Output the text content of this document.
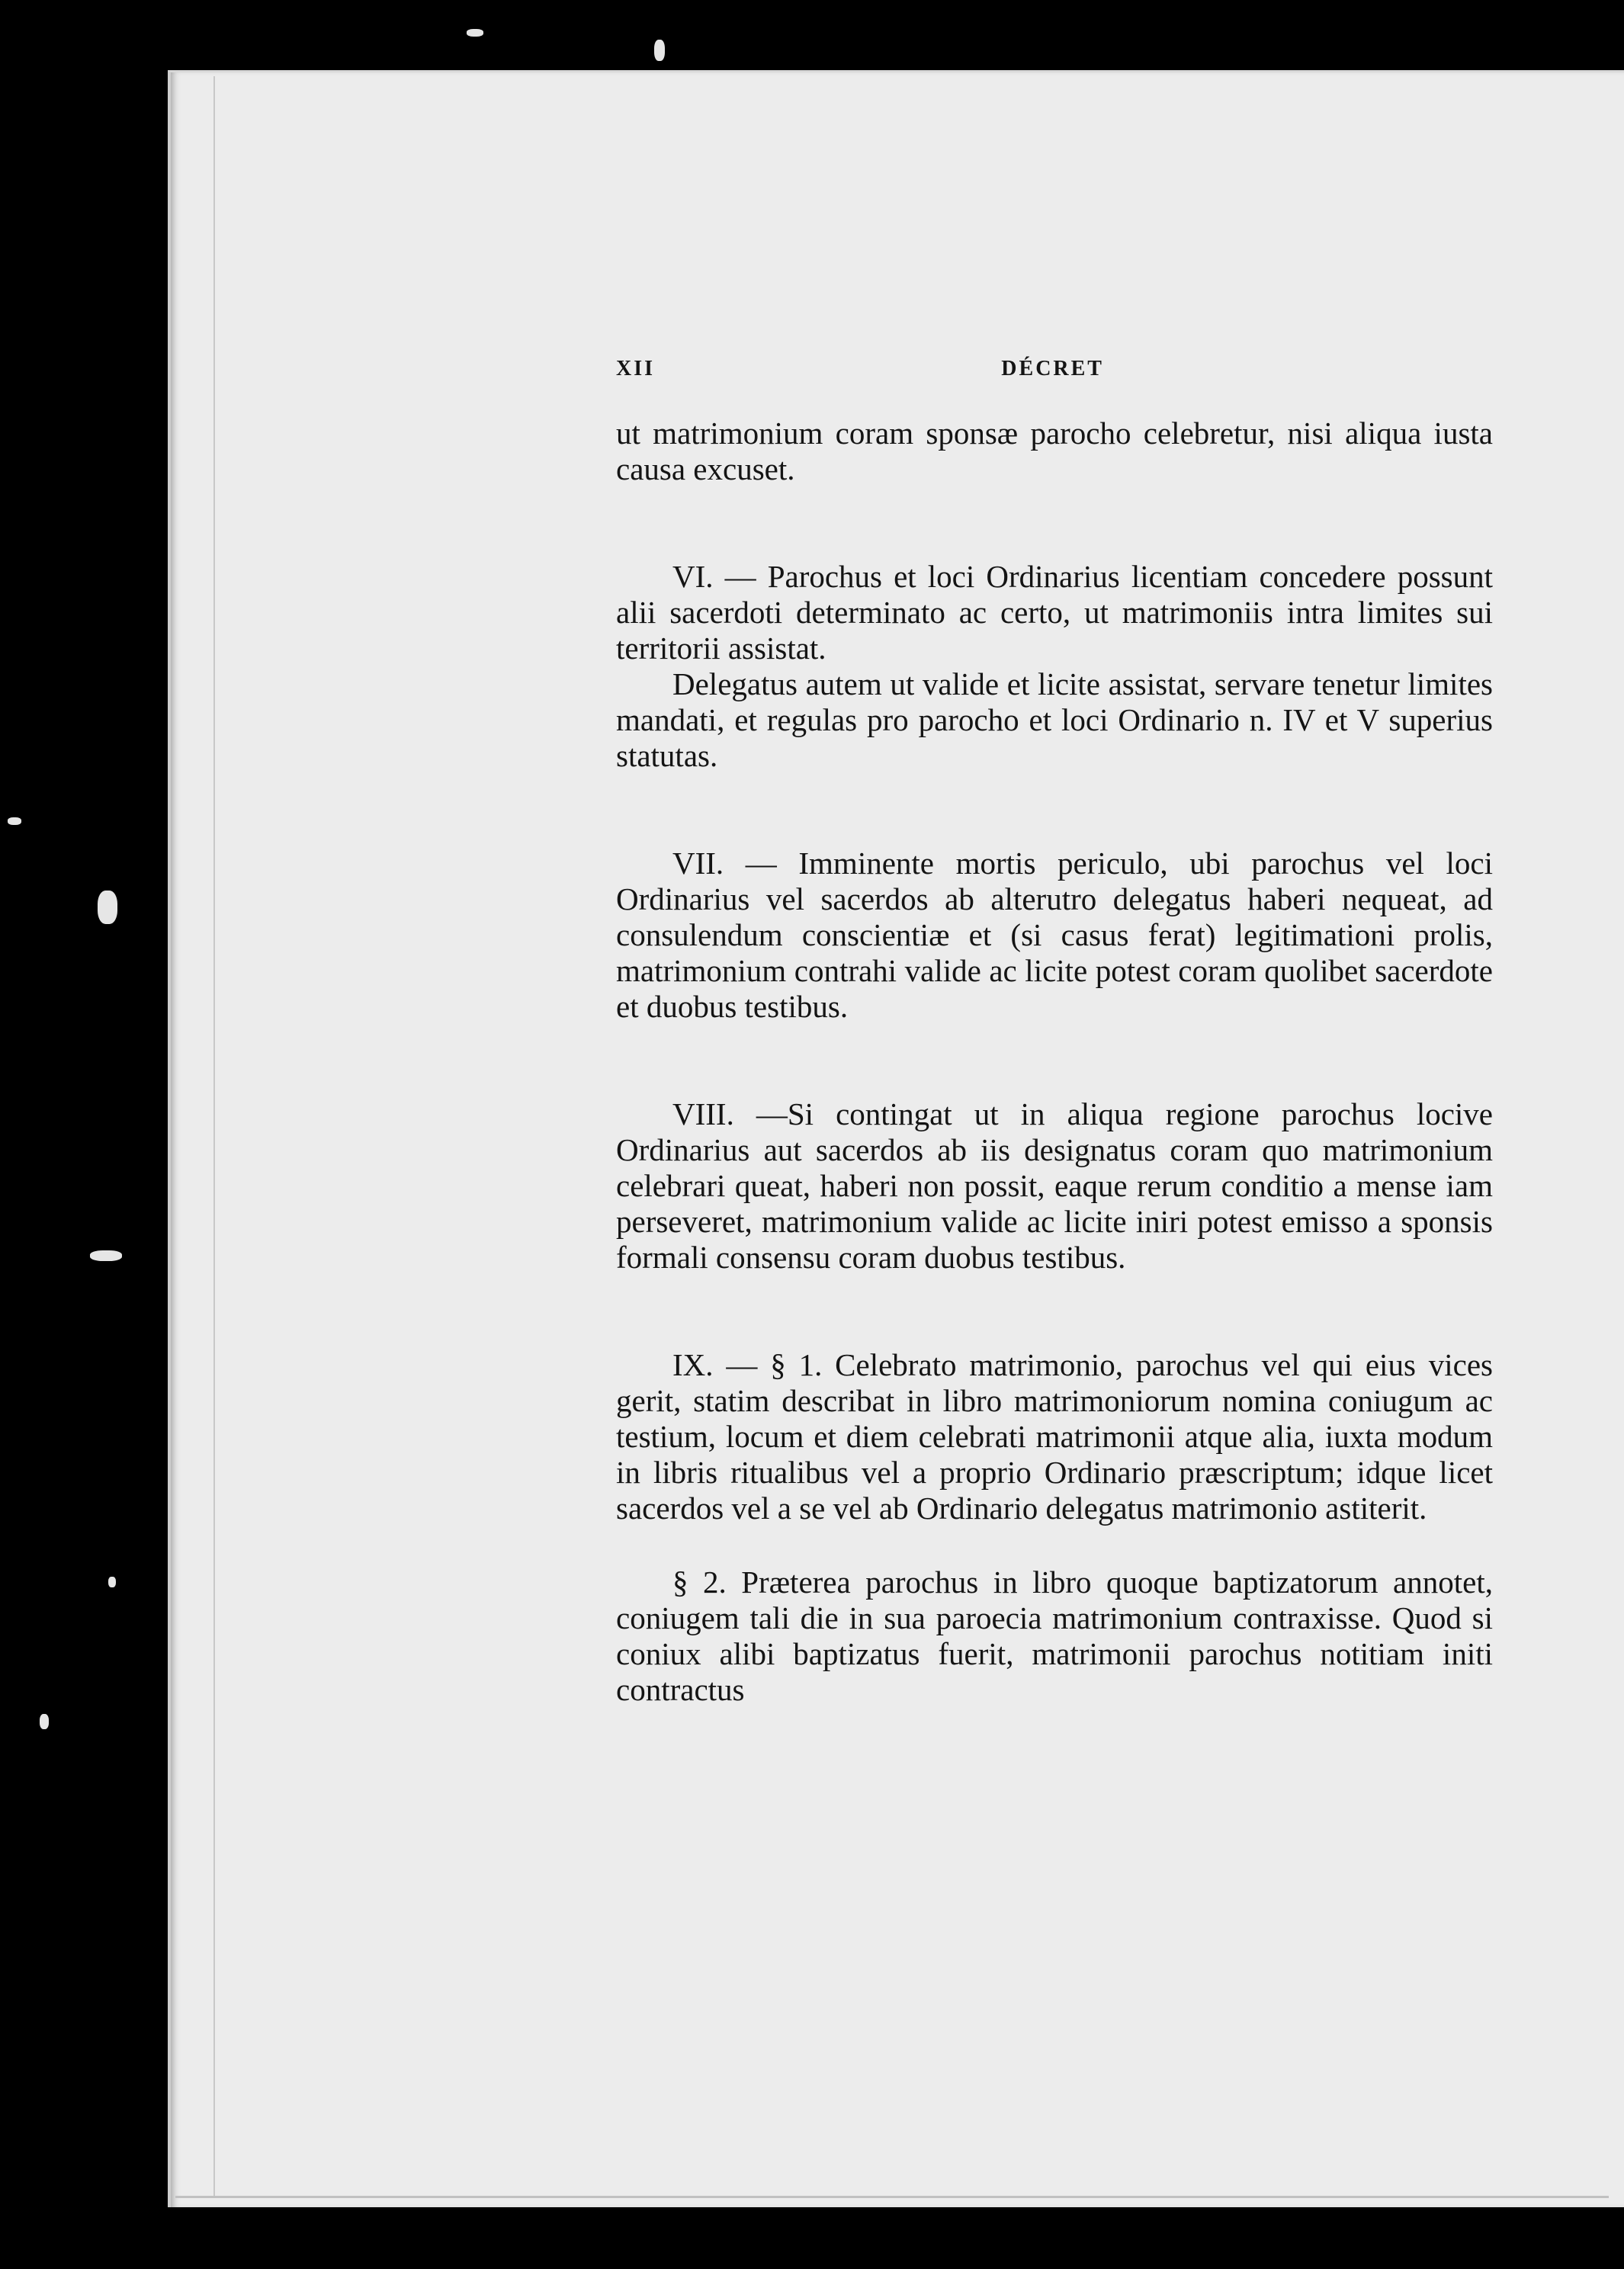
XII	DÉCRET

ut matrimonium coram sponsæ parocho celebretur, nisi aliqua iusta causa excuset.

VI. — Parochus et loci Ordinarius licentiam concedere possunt alii sacerdoti determinato ac certo, ut matrimoniis intra limites sui territorii assistat.

Delegatus autem ut valide et licite assistat, servare tenetur limites mandati, et regulas pro parocho et loci Ordinario n. IV et V superius statutas.

VII. — Imminente mortis periculo, ubi parochus vel loci Ordinarius vel sacerdos ab alterutro delegatus haberi nequeat, ad consulendum conscientiæ et (si casus ferat) legitimationi prolis, matrimonium contrahi valide ac licite potest coram quolibet sacerdote et duobus testibus.

VIII. —Si contingat ut in aliqua regione parochus locive Ordinarius aut sacerdos ab iis designatus coram quo matrimonium celebrari queat, haberi non possit, eaque rerum conditio a mense iam perseveret, matrimonium valide ac licite iniri potest emisso a sponsis formali consensu coram duobus testibus.

IX. — § 1. Celebrato matrimonio, parochus vel qui eius vices gerit, statim describat in libro matrimoniorum nomina coniugum ac testium, locum et diem celebrati matrimonii atque alia, iuxta modum in libris ritualibus vel a proprio Ordinario præscriptum; idque licet sacerdos vel a se vel ab Ordinario delegatus matrimonio astiterit.

§ 2. Præterea parochus in libro quoque baptizatorum annotet, coniugem tali die in sua paroecia matrimonium contraxisse. Quod si coniux alibi baptizatus fuerit, matrimonii parochus notitiam initi contractus
